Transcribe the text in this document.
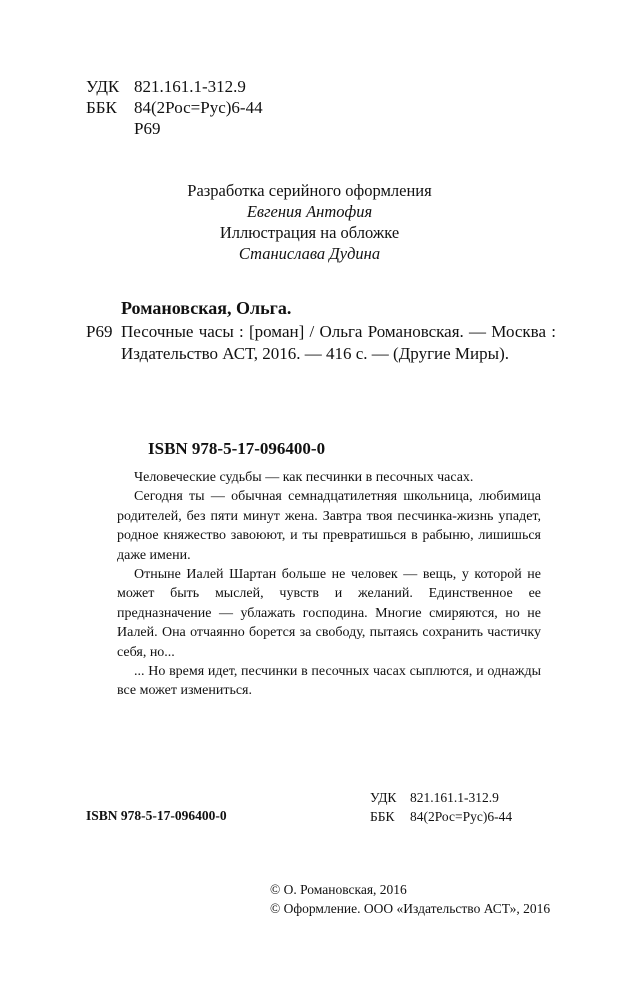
УДК 821.161.1-312.9
ББК 84(2Рос=Рус)6-44
Р69
Разработка серийного оформления
Евгения Антофия
Иллюстрация на обложке
Станислава Дудина
Романовская, Ольга.
Р69 Песочные часы : [роман] / Ольга Романовская. — Москва : Издательство АСТ, 2016. — 416 с. — (Другие Миры).
ISBN 978-5-17-096400-0

Человеческие судьбы — как песчинки в песочных часах.

Сегодня ты — обычная семнадцатилетняя школьница, любимица родителей, без пяти минут жена. Завтра твоя песчинка-жизнь упадет, родное княжество завоюют, и ты превратишься в рабыню, лишишься даже имени.

Отныне Иалей Шартан больше не человек — вещь, у которой не может быть мыслей, чувств и желаний. Единственное ее предназначение — ублажать господина. Многие смиряются, но не Иалей. Она отчаянно борется за свободу, пытаясь сохранить частичку себя, но...

... Но время идет, песчинки в песочных часах сыплются, и однажды все может измениться.

ISBN 978-5-17-096400-0
УДК 821.161.1-312.9
ББК 84(2Рос=Рус)6-44
© О. Романовская, 2016
© Оформление. ООО «Издательство АСТ», 2016
